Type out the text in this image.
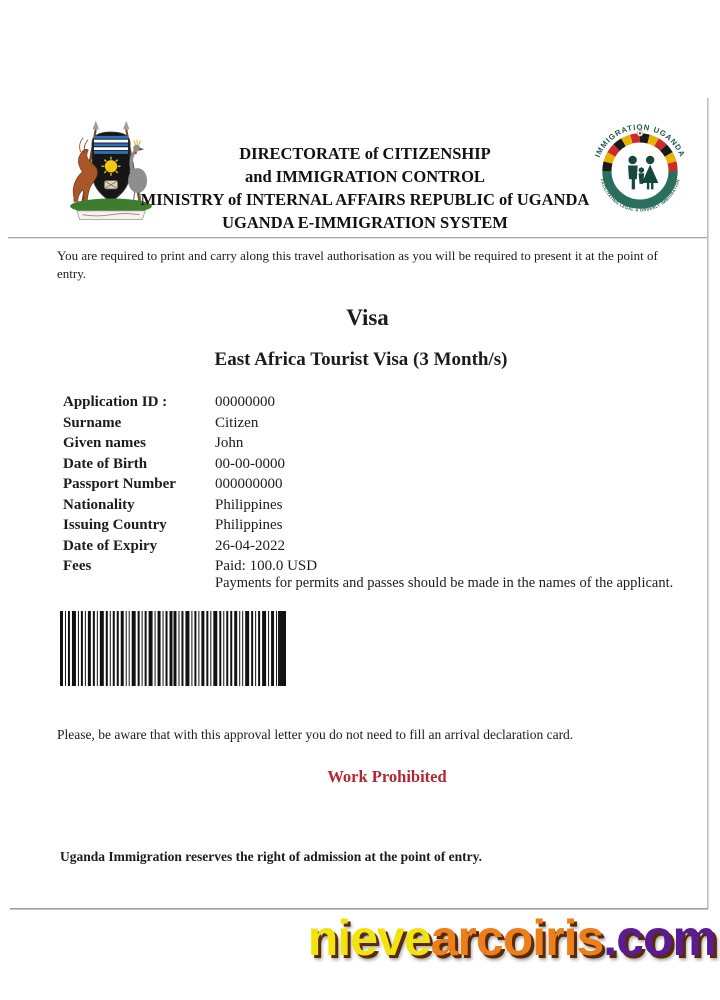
DIRECTORATE of CITIZENSHIP
and IMMIGRATION CONTROL
MINISTRY of INTERNAL AFFAIRS REPUBLIC of UGANDA
UGANDA E-IMMIGRATION SYSTEM
IMMIGRATION UGANDA
FACILITATING LEGAL & ORDERLY IMMIGRATION
You are required to print and carry along this travel authorisation as you will be required to present it at the point of entry.
Visa
East Africa Tourist Visa (3 Month/s)
Application ID :	00000000
Surname	Citizen
Given names	John
Date of Birth	00-00-0000
Passport Number	000000000
Nationality	Philippines
Issuing Country	Philippines
Date of Expiry	26-04-2022
Fees	Paid: 100.0 USD
Payments for permits and passes should be made in the names of the applicant.
Please, be aware that with this approval letter you do not need to fill an arrival declaration card.
Work Prohibited
Uganda Immigration reserves the right of admission at the point of entry.
nievearcoiris.com
